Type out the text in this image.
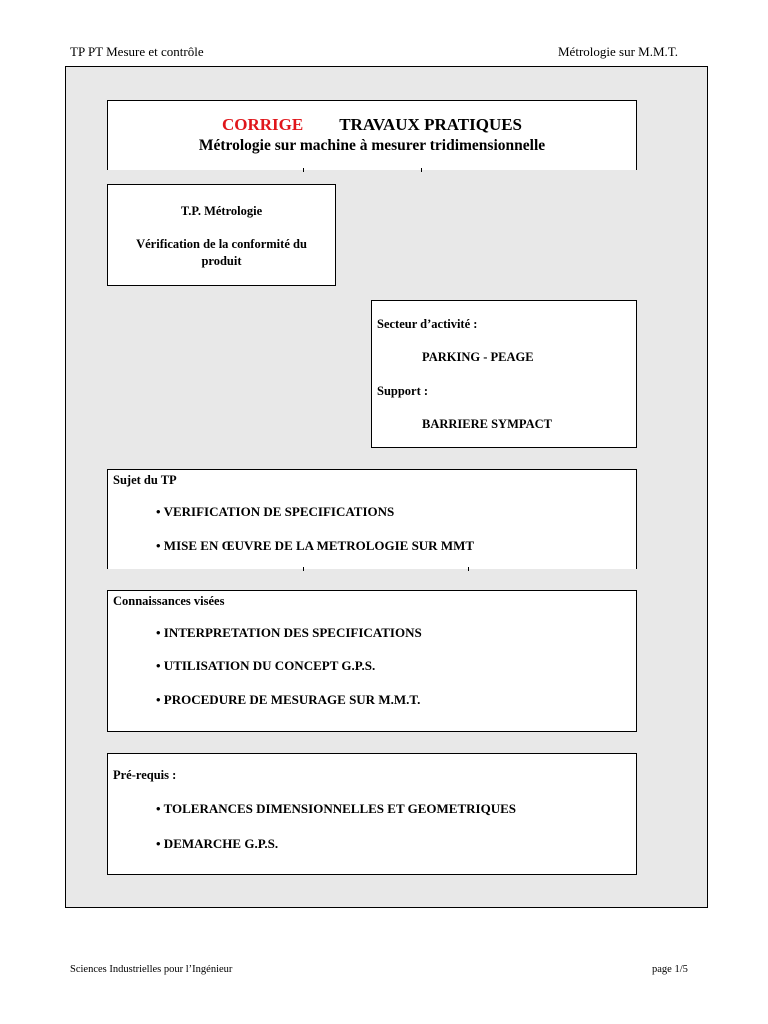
TP PT Mesure et contrôle	Métrologie sur M.M.T.
CORRIGE TRAVAUX PRATIQUES
Métrologie sur machine à mesurer tridimensionnelle
T.P. Métrologie
Vérification de la conformité du produit
Secteur d’activité :
PARKING - PEAGE
Support :
BARRIERE SYMPACT
Sujet du TP
• VERIFICATION DE SPECIFICATIONS
• MISE EN ŒUVRE DE LA METROLOGIE SUR MMT
Connaissances visées
• INTERPRETATION DES SPECIFICATIONS
• UTILISATION DU CONCEPT G.P.S.
• PROCEDURE DE MESURAGE SUR M.M.T.
Pré-requis :
• TOLERANCES DIMENSIONNELLES ET GEOMETRIQUES
• DEMARCHE G.P.S.
Sciences Industrielles pour l’Ingénieur	page 1/5
